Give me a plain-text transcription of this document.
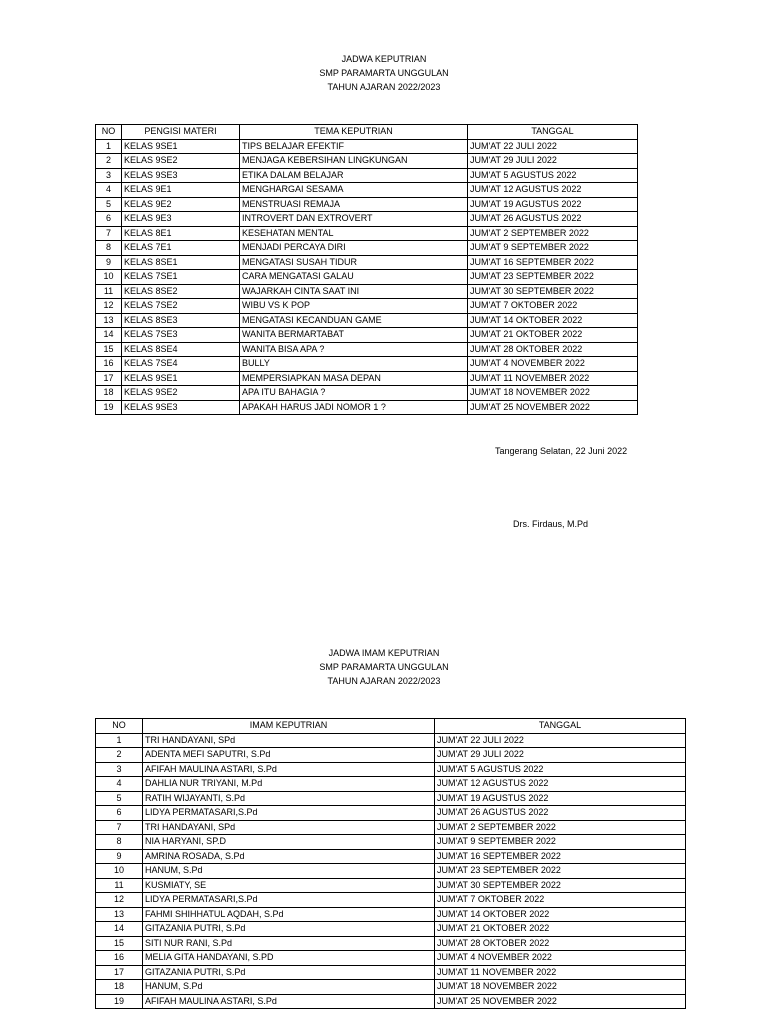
JADWA KEPUTRIAN
SMP PARAMARTA UNGGULAN
TAHUN AJARAN 2022/2023
NO	PENGISI MATERI	TEMA KEPUTRIAN	TANGGAL
1	KELAS 9SE1	TIPS BELAJAR EFEKTIF	JUM'AT 22 JULI 2022
2	KELAS 9SE2	MENJAGA KEBERSIHAN LINGKUNGAN	JUM'AT 29 JULI 2022
3	KELAS 9SE3	ETIKA DALAM BELAJAR	JUM'AT 5 AGUSTUS 2022
4	KELAS 9E1	MENGHARGAI SESAMA	JUM'AT 12 AGUSTUS 2022
5	KELAS 9E2	MENSTRUASI REMAJA	JUM'AT 19 AGUSTUS 2022
6	KELAS 9E3	INTROVERT DAN EXTROVERT	JUM'AT 26 AGUSTUS 2022
7	KELAS 8E1	KESEHATAN MENTAL	JUM'AT 2 SEPTEMBER 2022
8	KELAS 7E1	MENJADI PERCAYA DIRI	JUM'AT 9 SEPTEMBER 2022
9	KELAS 8SE1	MENGATASI SUSAH TIDUR	JUM'AT 16 SEPTEMBER 2022
10	KELAS 7SE1	CARA MENGATASI GALAU	JUM'AT 23 SEPTEMBER 2022
11	KELAS 8SE2	WAJARKAH CINTA SAAT INI	JUM'AT 30 SEPTEMBER 2022
12	KELAS 7SE2	WIBU VS K POP	JUM'AT 7 OKTOBER 2022
13	KELAS 8SE3	MENGATASI KECANDUAN GAME	JUM'AT 14 OKTOBER 2022
14	KELAS 7SE3	WANITA BERMARTABAT	JUM'AT 21 OKTOBER 2022
15	KELAS 8SE4	WANITA BISA APA ?	JUM'AT 28 OKTOBER 2022
16	KELAS 7SE4	BULLY	JUM'AT 4 NOVEMBER 2022
17	KELAS 9SE1	MEMPERSIAPKAN MASA DEPAN	JUM'AT 11 NOVEMBER 2022
18	KELAS 9SE2	APA ITU BAHAGIA ?	JUM'AT 18 NOVEMBER 2022
19	KELAS 9SE3	APAKAH HARUS JADI NOMOR 1 ?	JUM'AT 25 NOVEMBER 2022
Tangerang Selatan, 22 Juni 2022
Drs. Firdaus, M.Pd
JADWA IMAM KEPUTRIAN
SMP PARAMARTA UNGGULAN
TAHUN AJARAN 2022/2023
NO	IMAM KEPUTRIAN	TANGGAL
1	TRI HANDAYANI, SPd	JUM'AT 22 JULI 2022
2	ADENTA MEFI SAPUTRI, S.Pd	JUM'AT 29 JULI 2022
3	AFIFAH MAULINA ASTARI, S.Pd	JUM'AT 5 AGUSTUS 2022
4	DAHLIA NUR TRIYANI, M.Pd	JUM'AT 12 AGUSTUS 2022
5	RATIH WIJAYANTI, S.Pd	JUM'AT 19 AGUSTUS 2022
6	LIDYA PERMATASARI,S.Pd	JUM'AT 26 AGUSTUS 2022
7	TRI HANDAYANI, SPd	JUM'AT 2 SEPTEMBER 2022
8	NIA HARYANI, SP.D	JUM'AT 9 SEPTEMBER 2022
9	AMRINA ROSADA, S.Pd	JUM'AT 16 SEPTEMBER 2022
10	HANUM, S.Pd	JUM'AT 23 SEPTEMBER 2022
11	KUSMIATY, SE	JUM'AT 30 SEPTEMBER 2022
12	LIDYA PERMATASARI,S.Pd	JUM'AT 7 OKTOBER 2022
13	FAHMI SHIHHATUL AQDAH, S.Pd	JUM'AT 14 OKTOBER 2022
14	GITAZANIA PUTRI, S.Pd	JUM'AT 21 OKTOBER 2022
15	SITI NUR RANI, S.Pd	JUM'AT 28 OKTOBER 2022
16	MELIA GITA HANDAYANI, S.PD	JUM'AT 4 NOVEMBER 2022
17	GITAZANIA PUTRI, S.Pd	JUM'AT 11 NOVEMBER 2022
18	HANUM, S.Pd	JUM'AT 18 NOVEMBER 2022
19	AFIFAH MAULINA ASTARI, S.Pd	JUM'AT 25 NOVEMBER 2022
